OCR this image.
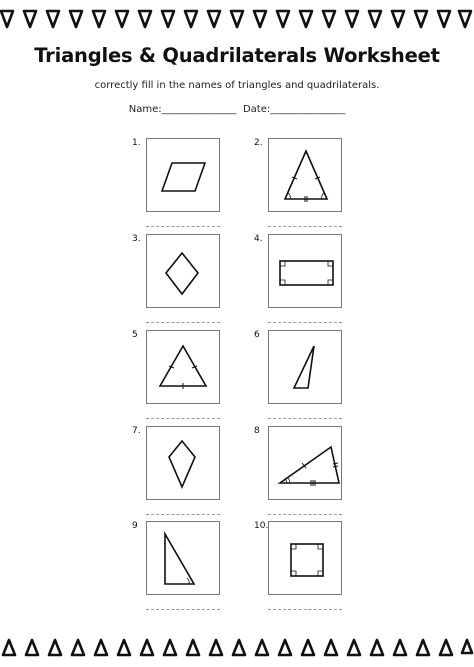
Triangles & Quadrilaterals Worksheet
correctly fill in the names of triangles and quadrilaterals.
Name:_______________  Date:_______________
1.	2.
3.	4.
5	6
7.	8
9	10.
